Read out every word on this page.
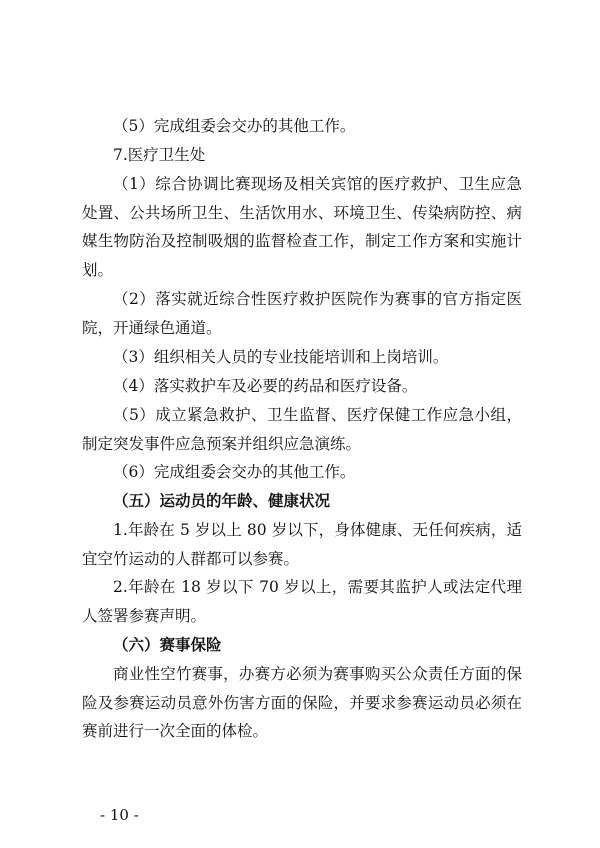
（5）完成组委会交办的其他工作。

7.医疗卫生处

（1）综合协调比赛现场及相关宾馆的医疗救护、卫生应急处置、公共场所卫生、生活饮用水、环境卫生、传染病防控、病媒生物防治及控制吸烟的监督检查工作，制定工作方案和实施计划。

（2）落实就近综合性医疗救护医院作为赛事的官方指定医院，开通绿色通道。

（3）组织相关人员的专业技能培训和上岗培训。

（4）落实救护车及必要的药品和医疗设备。

（5）成立紧急救护、卫生监督、医疗保健工作应急小组，制定突发事件应急预案并组织应急演练。

（6）完成组委会交办的其他工作。

（五）运动员的年龄、健康状况

1.年龄在 5 岁以上 80 岁以下，身体健康、无任何疾病，适宜空竹运动的人群都可以参赛。

2.年龄在 18 岁以下 70 岁以上，需要其监护人或法定代理人签署参赛声明。

（六）赛事保险

商业性空竹赛事，办赛方必须为赛事购买公众责任方面的保险及参赛运动员意外伤害方面的保险，并要求参赛运动员必须在赛前进行一次全面的体检。

- 10 -
